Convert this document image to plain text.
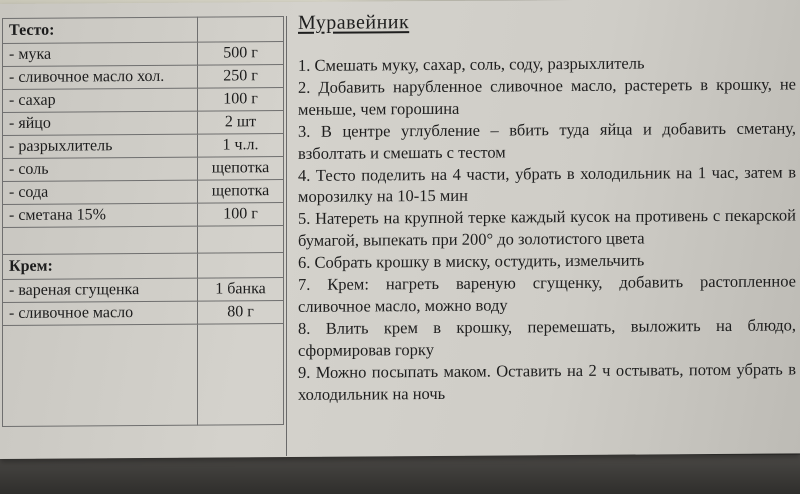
Тесто:	
- мука	500 г
- сливочное масло хол.	250 г
- сахар	100 г
- яйцо	2 шт
- разрыхлитель	1 ч.л.
- соль	щепотка
- сода	щепотка
- сметана 15%	100 г

Крем:	
- вареная сгущенка	1 банка
- сливочное масло	80 г

Муравейник
1. Смешать муку, сахар, соль, соду, разрыхлитель
2. Добавить нарубленное сливочное масло, растереть в крошку, не меньше, чем горошина
3. В центре углубление – вбить туда яйца и добавить сметану, взболтать и смешать с тестом
4. Тесто поделить на 4 части, убрать в холодильник на 1 час, затем в морозилку на 10-15 мин
5. Натереть на крупной терке каждый кусок на противень с пекарской бумагой, выпекать при 200° до золотистого цвета
6. Собрать крошку в миску, остудить, измельчить
7. Крем: нагреть вареную сгущенку, добавить растопленное сливочное масло, можно воду
8. Влить крем в крошку, перемешать, выложить на блюдо, сформировав горку
9. Можно посыпать маком. Оставить на 2 ч остывать, потом убрать в холодильник на ночь
